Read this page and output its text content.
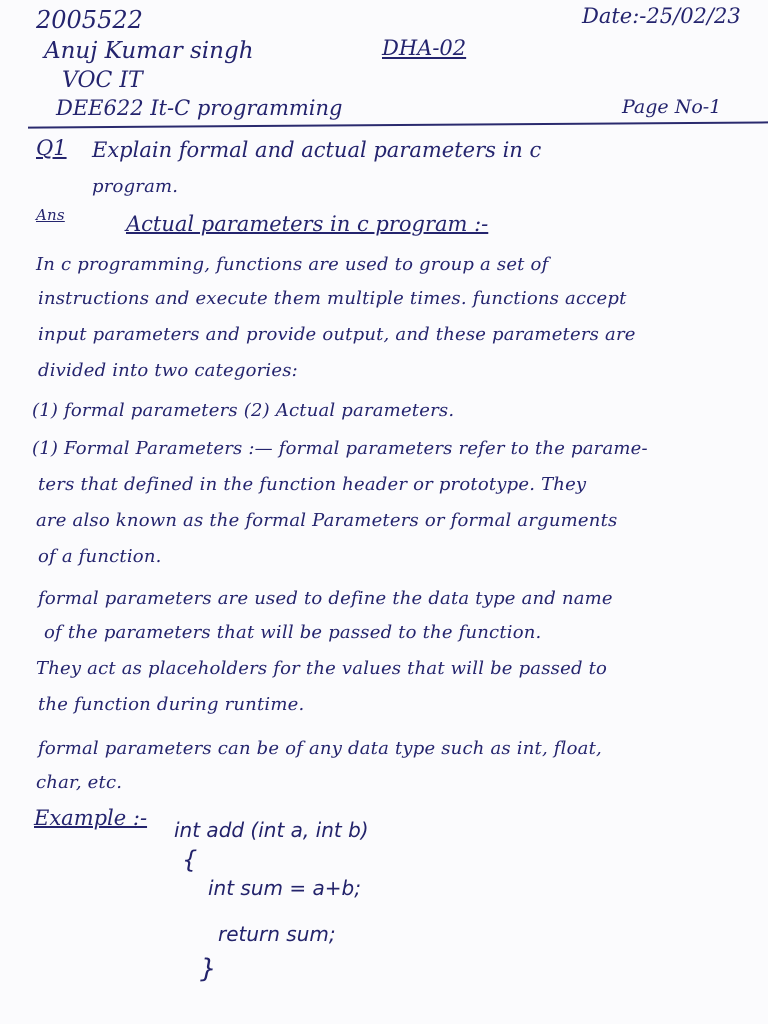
2005522	Date:-25/02/23
Anuj Kumar singh	DHA-02
VOC IT
DEE622 It-C programming	Page No-1
Q1 Explain formal and actual parameters in c
program.
Ans	Actual parameters in c program :-
In c programming, functions are used to group a set of
instructions and execute them multiple times. functions accept
input parameters and provide output, and these parameters are
divided into two categories:
(1) formal parameters (2) Actual parameters.
(1) Formal Parameters :— formal parameters refer to the parame-
ters that defined in the function header or prototype. They
are also known as the formal Parameters or formal arguments
of a function.
formal parameters are used to define the data type and name
of the parameters that will be passed to the function.
They act as placeholders for the values that will be passed to
the function during runtime.
formal parameters can be of any data type such as int, float,
char, etc.
Example :- int add (int a, int b)
{
int sum = a+b;
return sum;
}
